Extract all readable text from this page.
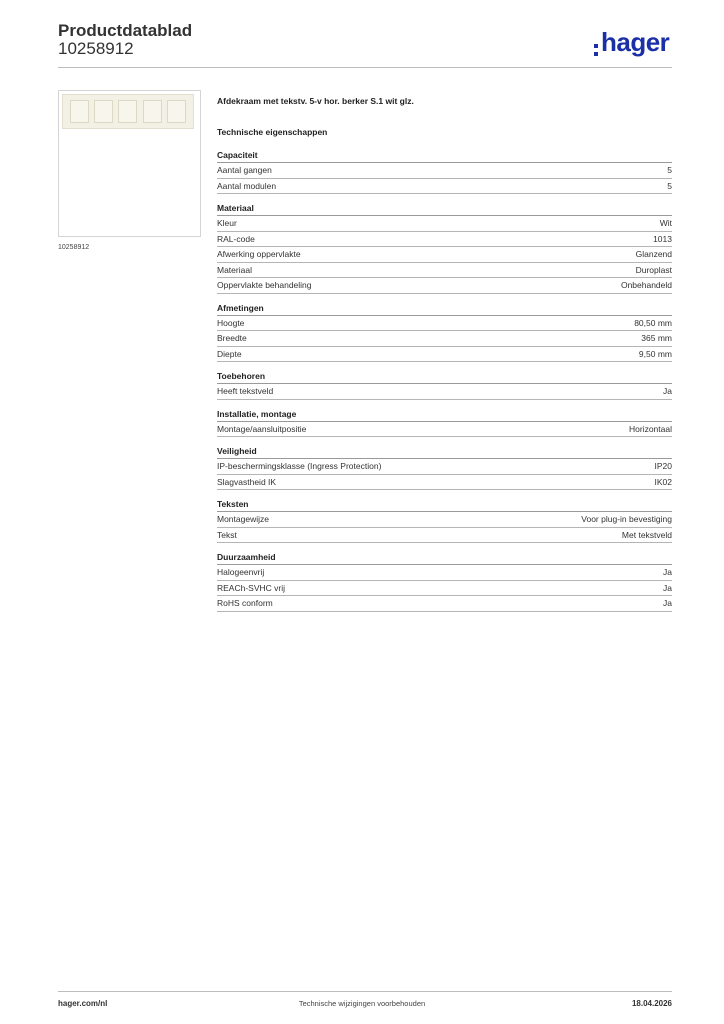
Productdatablad
10258912	hager
10258912
Afdekraam met tekstv. 5-v hor. berker S.1 wit glz.
Technische eigenschappen
Capaciteit
Aantal gangen	5
Aantal modulen	5
Materiaal
Kleur	Wit
RAL-code	1013
Afwerking oppervlakte	Glanzend
Materiaal	Duroplast
Oppervlakte behandeling	Onbehandeld
Afmetingen
Hoogte	80,50 mm
Breedte	365 mm
Diepte	9,50 mm
Toebehoren
Heeft tekstveld	Ja
Installatie, montage
Montage/aansluitpositie	Horizontaal
Veiligheid
IP-beschermingsklasse (Ingress Protection)	IP20
Slagvastheid IK	IK02
Teksten
Montagewijze	Voor plug-in bevestiging
Tekst	Met tekstveld
Duurzaamheid
Halogeenvrij	Ja
REACh-SVHC vrij	Ja
RoHS conform	Ja
hager.com/nl	Technische wijzigingen voorbehouden	18.04.2026
